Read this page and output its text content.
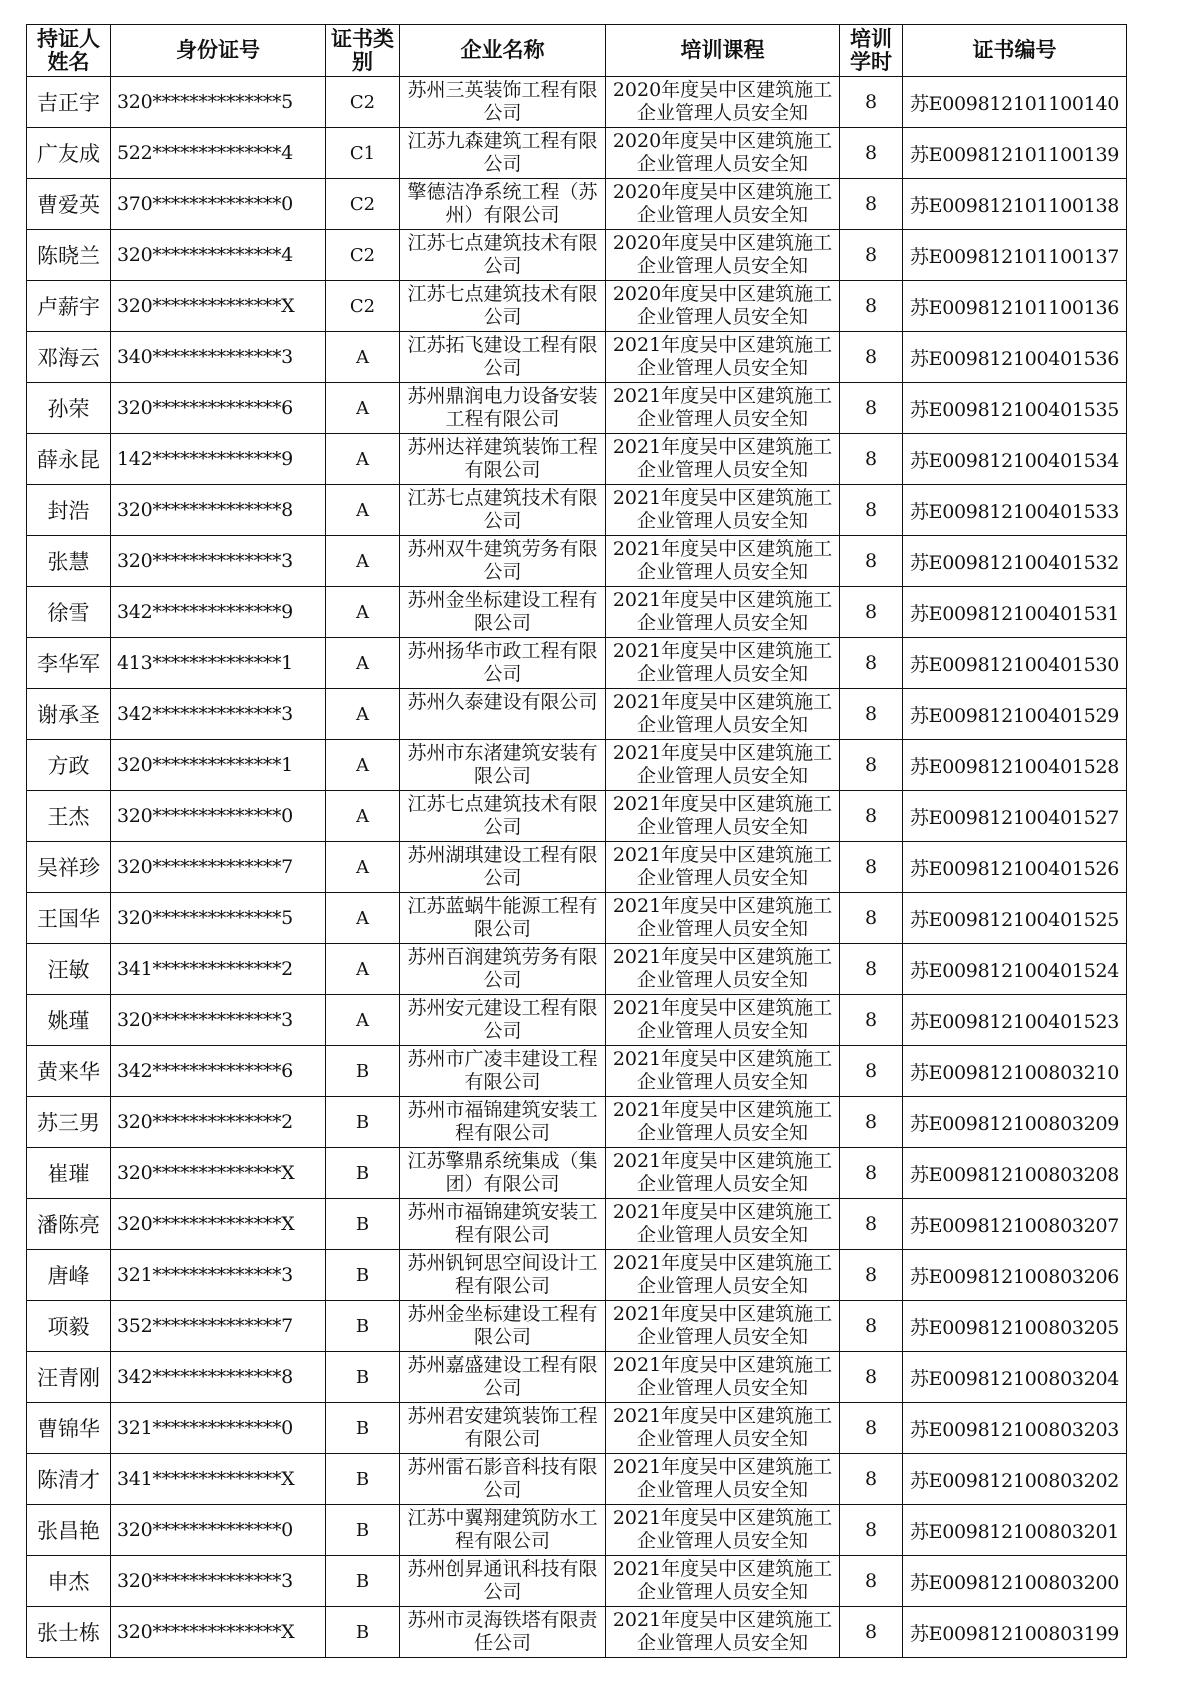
持证人姓名	身份证号	证书类别	企业名称	培训课程	培训学时	证书编号
吉正宇	320**************5	C2	苏州三英装饰工程有限公司	2020年度吴中区建筑施工企业管理人员安全知	8	苏E009812101100140
广友成	522**************4	C1	江苏九森建筑工程有限公司	2020年度吴中区建筑施工企业管理人员安全知	8	苏E009812101100139
曹爱英	370**************0	C2	擎德洁净系统工程（苏州）有限公司	2020年度吴中区建筑施工企业管理人员安全知	8	苏E009812101100138
陈晓兰	320**************4	C2	江苏七点建筑技术有限公司	2020年度吴中区建筑施工企业管理人员安全知	8	苏E009812101100137
卢薪宇	320**************X	C2	江苏七点建筑技术有限公司	2020年度吴中区建筑施工企业管理人员安全知	8	苏E009812101100136
邓海云	340**************3	A	江苏拓飞建设工程有限公司	2021年度吴中区建筑施工企业管理人员安全知	8	苏E009812100401536
孙荣	320**************6	A	苏州鼎润电力设备安装工程有限公司	2021年度吴中区建筑施工企业管理人员安全知	8	苏E009812100401535
薛永昆	142**************9	A	苏州达祥建筑装饰工程有限公司	2021年度吴中区建筑施工企业管理人员安全知	8	苏E009812100401534
封浩	320**************8	A	江苏七点建筑技术有限公司	2021年度吴中区建筑施工企业管理人员安全知	8	苏E009812100401533
张慧	320**************3	A	苏州双牛建筑劳务有限公司	2021年度吴中区建筑施工企业管理人员安全知	8	苏E009812100401532
徐雪	342**************9	A	苏州金坐标建设工程有限公司	2021年度吴中区建筑施工企业管理人员安全知	8	苏E009812100401531
李华军	413**************1	A	苏州扬华市政工程有限公司	2021年度吴中区建筑施工企业管理人员安全知	8	苏E009812100401530
谢承圣	342**************3	A	苏州久泰建设有限公司	2021年度吴中区建筑施工企业管理人员安全知	8	苏E009812100401529
方政	320**************1	A	苏州市东渚建筑安装有限公司	2021年度吴中区建筑施工企业管理人员安全知	8	苏E009812100401528
王杰	320**************0	A	江苏七点建筑技术有限公司	2021年度吴中区建筑施工企业管理人员安全知	8	苏E009812100401527
吴祥珍	320**************7	A	苏州湖琪建设工程有限公司	2021年度吴中区建筑施工企业管理人员安全知	8	苏E009812100401526
王国华	320**************5	A	江苏蓝蜗牛能源工程有限公司	2021年度吴中区建筑施工企业管理人员安全知	8	苏E009812100401525
汪敏	341**************2	A	苏州百润建筑劳务有限公司	2021年度吴中区建筑施工企业管理人员安全知	8	苏E009812100401524
姚瑾	320**************3	A	苏州安元建设工程有限公司	2021年度吴中区建筑施工企业管理人员安全知	8	苏E009812100401523
黄来华	342**************6	B	苏州市广凌丰建设工程有限公司	2021年度吴中区建筑施工企业管理人员安全知	8	苏E009812100803210
苏三男	320**************2	B	苏州市福锦建筑安装工程有限公司	2021年度吴中区建筑施工企业管理人员安全知	8	苏E009812100803209
崔璀	320**************X	B	江苏擎鼎系统集成（集团）有限公司	2021年度吴中区建筑施工企业管理人员安全知	8	苏E009812100803208
潘陈亮	320**************X	B	苏州市福锦建筑安装工程有限公司	2021年度吴中区建筑施工企业管理人员安全知	8	苏E009812100803207
唐峰	321**************3	B	苏州钒钶思空间设计工程有限公司	2021年度吴中区建筑施工企业管理人员安全知	8	苏E009812100803206
项毅	352**************7	B	苏州金坐标建设工程有限公司	2021年度吴中区建筑施工企业管理人员安全知	8	苏E009812100803205
汪青刚	342**************8	B	苏州嘉盛建设工程有限公司	2021年度吴中区建筑施工企业管理人员安全知	8	苏E009812100803204
曹锦华	321**************0	B	苏州君安建筑装饰工程有限公司	2021年度吴中区建筑施工企业管理人员安全知	8	苏E009812100803203
陈清才	341**************X	B	苏州雷石影音科技有限公司	2021年度吴中区建筑施工企业管理人员安全知	8	苏E009812100803202
张昌艳	320**************0	B	江苏中翼翔建筑防水工程有限公司	2021年度吴中区建筑施工企业管理人员安全知	8	苏E009812100803201
申杰	320**************3	B	苏州创昇通讯科技有限公司	2021年度吴中区建筑施工企业管理人员安全知	8	苏E009812100803200
张士栋	320**************X	B	苏州市灵海铁塔有限责任公司	2021年度吴中区建筑施工企业管理人员安全知	8	苏E009812100803199
